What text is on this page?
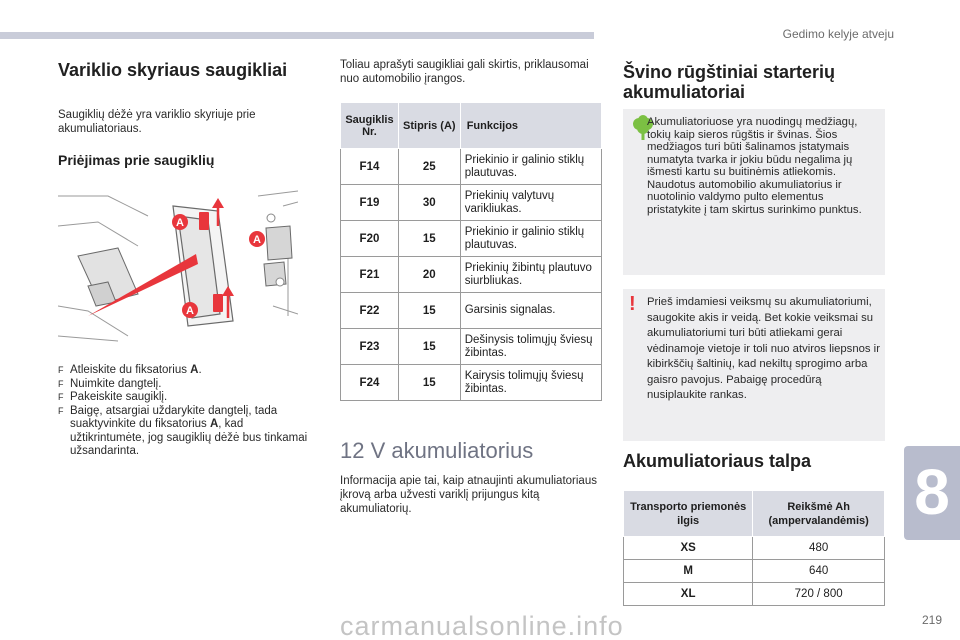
Gedimo kelyje atveju
8
Variklio skyriaus saugikliai
Saugiklių dėžė yra variklio skyriuje prie akumuliatoriaus.
Priėjimas prie saugiklių
A
A
A
F Atleiskite du fiksatorius A.
F Nuimkite dangtelį.
F Pakeiskite saugiklį.
F Baigę, atsargiai uždarykite dangtelį, tada suaktyvinkite du fiksatorius A, kad užtikrintumėte, jog saugiklių dėžė bus tinkamai užsandarinta.
Toliau aprašyti saugikliai gali skirtis, priklausomai nuo automobilio įrangos.
Saugiklis Nr.	Stipris (A)	Funkcijos
F14	25	Priekinio ir galinio stiklų plautuvas.
F19	30	Priekinių valytuvų varikliukas.
F20	15	Priekinio ir galinio stiklų plautuvas.
F21	20	Priekinių žibintų plautuvo siurbliukas.
F22	15	Garsinis signalas.
F23	15	Dešinysis tolimųjų šviesų žibintas.
F24	15	Kairysis tolimųjų šviesų žibintas.
12 V akumuliatorius
Informacija apie tai, kaip atnaujinti akumuliatoriaus įkrovą arba užvesti variklį prijungus kitą akumuliatorių.
Švino rūgštiniai starterių akumuliatoriai
Akumuliatoriuose yra nuodingų medžiagų, tokių kaip sieros rūgštis ir švinas. Šios medžiagos turi būti šalinamos įstatymais numatyta tvarka ir jokiu būdu negalima jų išmesti kartu su buitinėmis atliekomis. Naudotus automobilio akumuliatorius ir nuotolinio valdymo pulto elementus pristatykite į tam skirtus surinkimo punktus.
! Prieš imdamiesi veiksmų su akumuliatoriumi, saugokite akis ir veidą. Bet kokie veiksmai su akumuliatoriumi turi būti atliekami gerai vėdinamoje vietoje ir toli nuo atviros liepsnos ir kibirkščių šaltinių, kad nekiltų sprogimo arba gaisro pavojus. Pabaigę procedūrą nusiplaukite rankas.
Akumuliatoriaus talpa
Transporto priemonės ilgis	Reikšmė Ah (ampervalandėmis)
XS	480
M	640
XL	720 / 800
carmanualsonline.info	219
